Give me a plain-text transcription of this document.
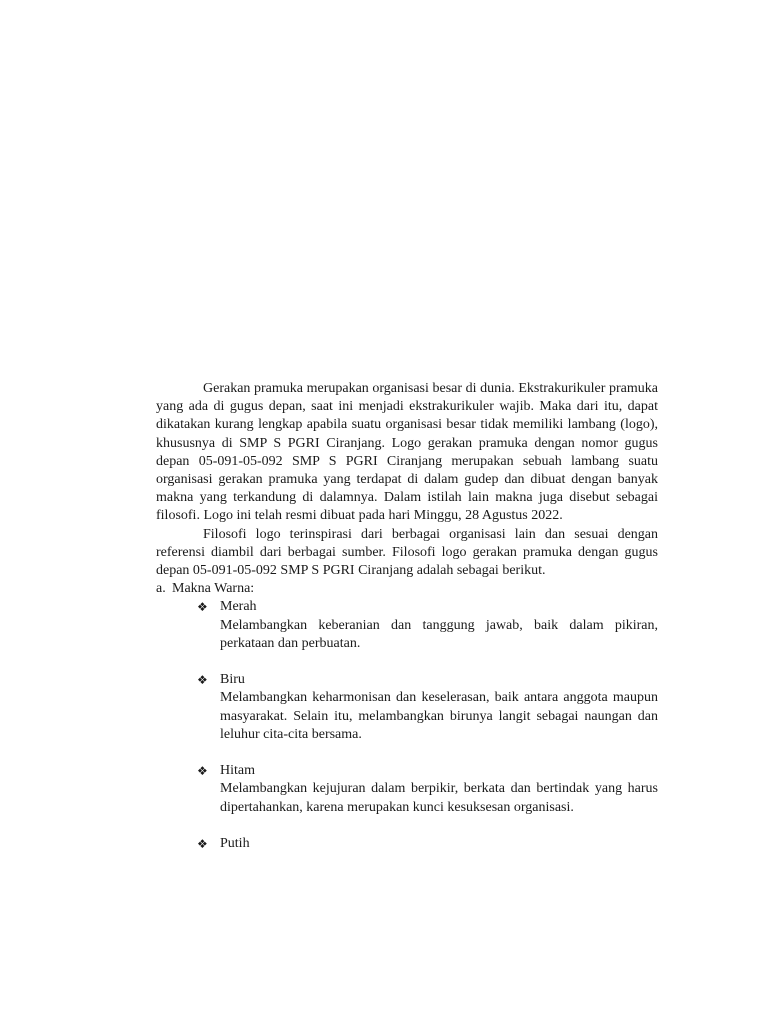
Gerakan pramuka merupakan organisasi besar di dunia. Ekstrakurikuler pramuka yang ada di gugus depan, saat ini menjadi ekstrakurikuler wajib. Maka dari itu, dapat dikatakan kurang lengkap apabila suatu organisasi besar tidak memiliki lambang (logo), khususnya di SMP S PGRI Ciranjang. Logo gerakan pramuka dengan nomor gugus depan 05-091-05-092 SMP S PGRI Ciranjang merupakan sebuah lambang suatu organisasi gerakan pramuka yang terdapat di dalam gudep dan dibuat dengan banyak makna yang terkandung di dalamnya. Dalam istilah lain makna juga disebut sebagai filosofi. Logo ini telah resmi dibuat pada hari Minggu, 28 Agustus 2022.

Filosofi logo terinspirasi dari berbagai organisasi lain dan sesuai dengan referensi diambil dari berbagai sumber. Filosofi logo gerakan pramuka dengan gugus depan 05-091-05-092 SMP S PGRI Ciranjang adalah sebagai berikut.

a. Makna Warna:
❖ Merah
Melambangkan keberanian dan tanggung jawab, baik dalam pikiran, perkataan dan perbuatan.
❖ Biru
Melambangkan keharmonisan dan keselerasan, baik antara anggota maupun masyarakat. Selain itu, melambangkan birunya langit sebagai naungan dan leluhur cita-cita bersama.
❖ Hitam
Melambangkan kejujuran dalam berpikir, berkata dan bertindak yang harus dipertahankan, karena merupakan kunci kesuksesan organisasi.
❖ Putih
